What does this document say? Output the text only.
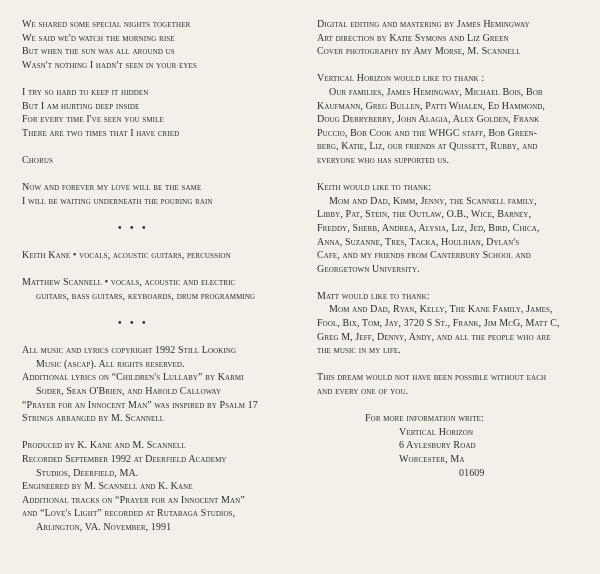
We shared some special nights together
We said we'd watch the morning rise
But when the sun was all around us
Wasn't nothing I hadn't seen in your eyes
I try so hard to keep it hidden
But I am hurting deep inside
For every time I've seen you smile
There are two times that I have cried
Chorus
Now and forever my love will be the same
I will be waiting underneath the pouring rain
• • •
Keith Kane • vocals, acoustic guitars, percussion
Matthew Scannell • vocals, acoustic and electric
guitars, bass guitars, keyboards, drum programming
• • •
All music and lyrics copyright 1992 Still Looking
Music (ascap). All rights reserved.
Additional lyrics on “Children's Lullaby” by Karmi
Soder, Sean O'Brien, and Harold Calloway
“Prayer for an Innocent Man” was inspired by Psalm 17
Strings arranged by M. Scannell
Produced by K. Kane and M. Scannell
Recorded September 1992 at Deerfield Academy
Studios, Deerfield, MA.
Engineered by M. Scannell and K. Kane
Additional tracks on “Prayer for an Innocent Man”
and “Love's Light” recorded at Rutabaga Studios,
Arlington, VA. November, 1991
Digital editing and mastering by James Hemingway
Art direction by Katie Symons and Liz Green
Cover photography by Amy Morse, M. Scannell
Vertical Horizon would like to thank :
Our families, James Hemingway, Michael Bois, Bob
Kaufmann, Greg Bullen, Patti Whalen, Ed Hammond,
Doug Derryberry, John Alagia, Alex Golden, Frank
Puccio, Bob Cook and the WHGC staff, Bob Green-
berg, Katie, Liz, our friends at Quissett, Rubby, and
everyone who has supported us.
Keith would like to thank:
Mom and Dad, Kimm, Jenny, the Scannell family,
Libby, Pat, Stein, the Outlaw, O.B., Wice, Barney,
Freddy, Sherb, Andrea, Alysia, Liz, Jed, Bird, Chica,
Anna, Suzanne, Tres, Tacka, Houlihan, Dylan's
Cafe, and my friends from Canterbury School and
Georgetown University.
Matt would like to thank:
Mom and Dad, Ryan, Kelly, The Kane Family, James,
Fool, Bix, Tom, Jay, 3720 S St., Frank, Jim McG, Matt C,
Greg M, Jeff, Denny, Andy, and all the people who are
the music in my life.
This dream would not have been possible without each
and every one of you.
For more information write:
Vertical Horizon
6 Aylesbury Road
Worcester, Ma
01609
